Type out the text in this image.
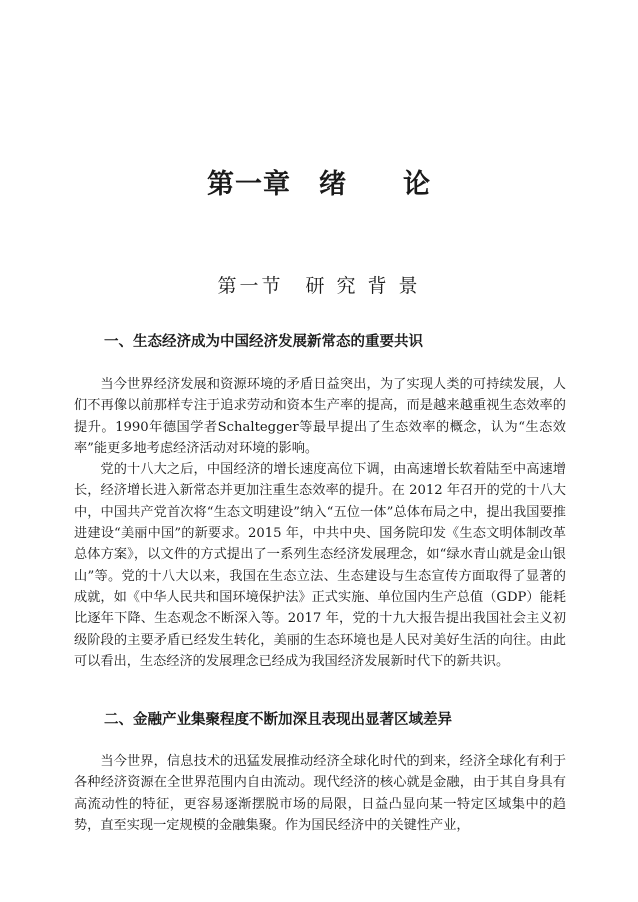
第一章　绪　　论
第一节　研 究 背 景
一、生态经济成为中国经济发展新常态的重要共识

当今世界经济发展和资源环境的矛盾日益突出，为了实现人类的可持续发展，人们不再像以前那样专注于追求劳动和资本生产率的提高，而是越来越重视生态效率的提升。1990年德国学者Schaltegger等最早提出了生态效率的概念，认为“生态效率”能更多地考虑经济活动对环境的影响。

党的十八大之后，中国经济的增长速度高位下调，由高速增长软着陆至中高速增长，经济增长进入新常态并更加注重生态效率的提升。在 2012 年召开的党的十八大中，中国共产党首次将“生态文明建设”纳入“五位一体”总体布局之中，提出我国要推进建设“美丽中国”的新要求。2015 年，中共中央、国务院印发《生态文明体制改革总体方案》，以文件的方式提出了一系列生态经济发展理念，如“绿水青山就是金山银山”等。党的十八大以来，我国在生态立法、生态建设与生态宣传方面取得了显著的成就，如《中华人民共和国环境保护法》正式实施、单位国内生产总值（GDP）能耗比逐年下降、生态观念不断深入等。2017 年，党的十九大报告提出我国社会主义初级阶段的主要矛盾已经发生转化，美丽的生态环境也是人民对美好生活的向往。由此可以看出，生态经济的发展理念已经成为我国经济发展新时代下的新共识。

二、金融产业集聚程度不断加深且表现出显著区域差异

当今世界，信息技术的迅猛发展推动经济全球化时代的到来，经济全球化有利于各种经济资源在全世界范围内自由流动。现代经济的核心就是金融，由于其自身具有高流动性的特征，更容易逐渐摆脱市场的局限，日益凸显向某一特定区域集中的趋势，直至实现一定规模的金融集聚。作为国民经济中的关键性产业，
